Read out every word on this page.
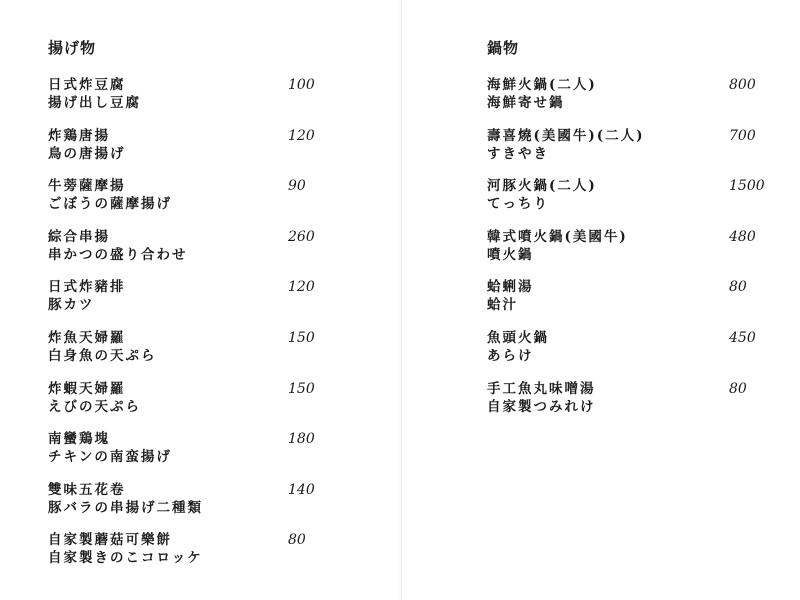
揚げ物
日式炸豆腐
揚げ出し豆腐
100
炸鶏唐揚
鳥の唐揚げ
120
牛蒡薩摩揚
ごぼうの薩摩揚げ
90
綜合串揚
串かつの盛り合わせ
260
日式炸豬排
豚カツ
120
炸魚天婦羅
白身魚の天ぷら
150
炸蝦天婦羅
えびの天ぷら
150
南蠻鶏塊
チキンの南蛮揚げ
180
雙味五花卷
豚バラの串揚げ二種類
140
自家製蘑菇可樂餅
自家製きのこコロッケ
80
鍋物
海鮮火鍋(二人)
海鮮寄せ鍋
800
壽喜燒(美國牛)(二人)
すきやき
700
河豚火鍋(二人)
てっちり
1500
韓式噴火鍋(美國牛)
噴火鍋
480
蛤蜊湯
蛤汁
80
魚頭火鍋
あらけ
450
手工魚丸味噌湯
自家製つみれけ
80
